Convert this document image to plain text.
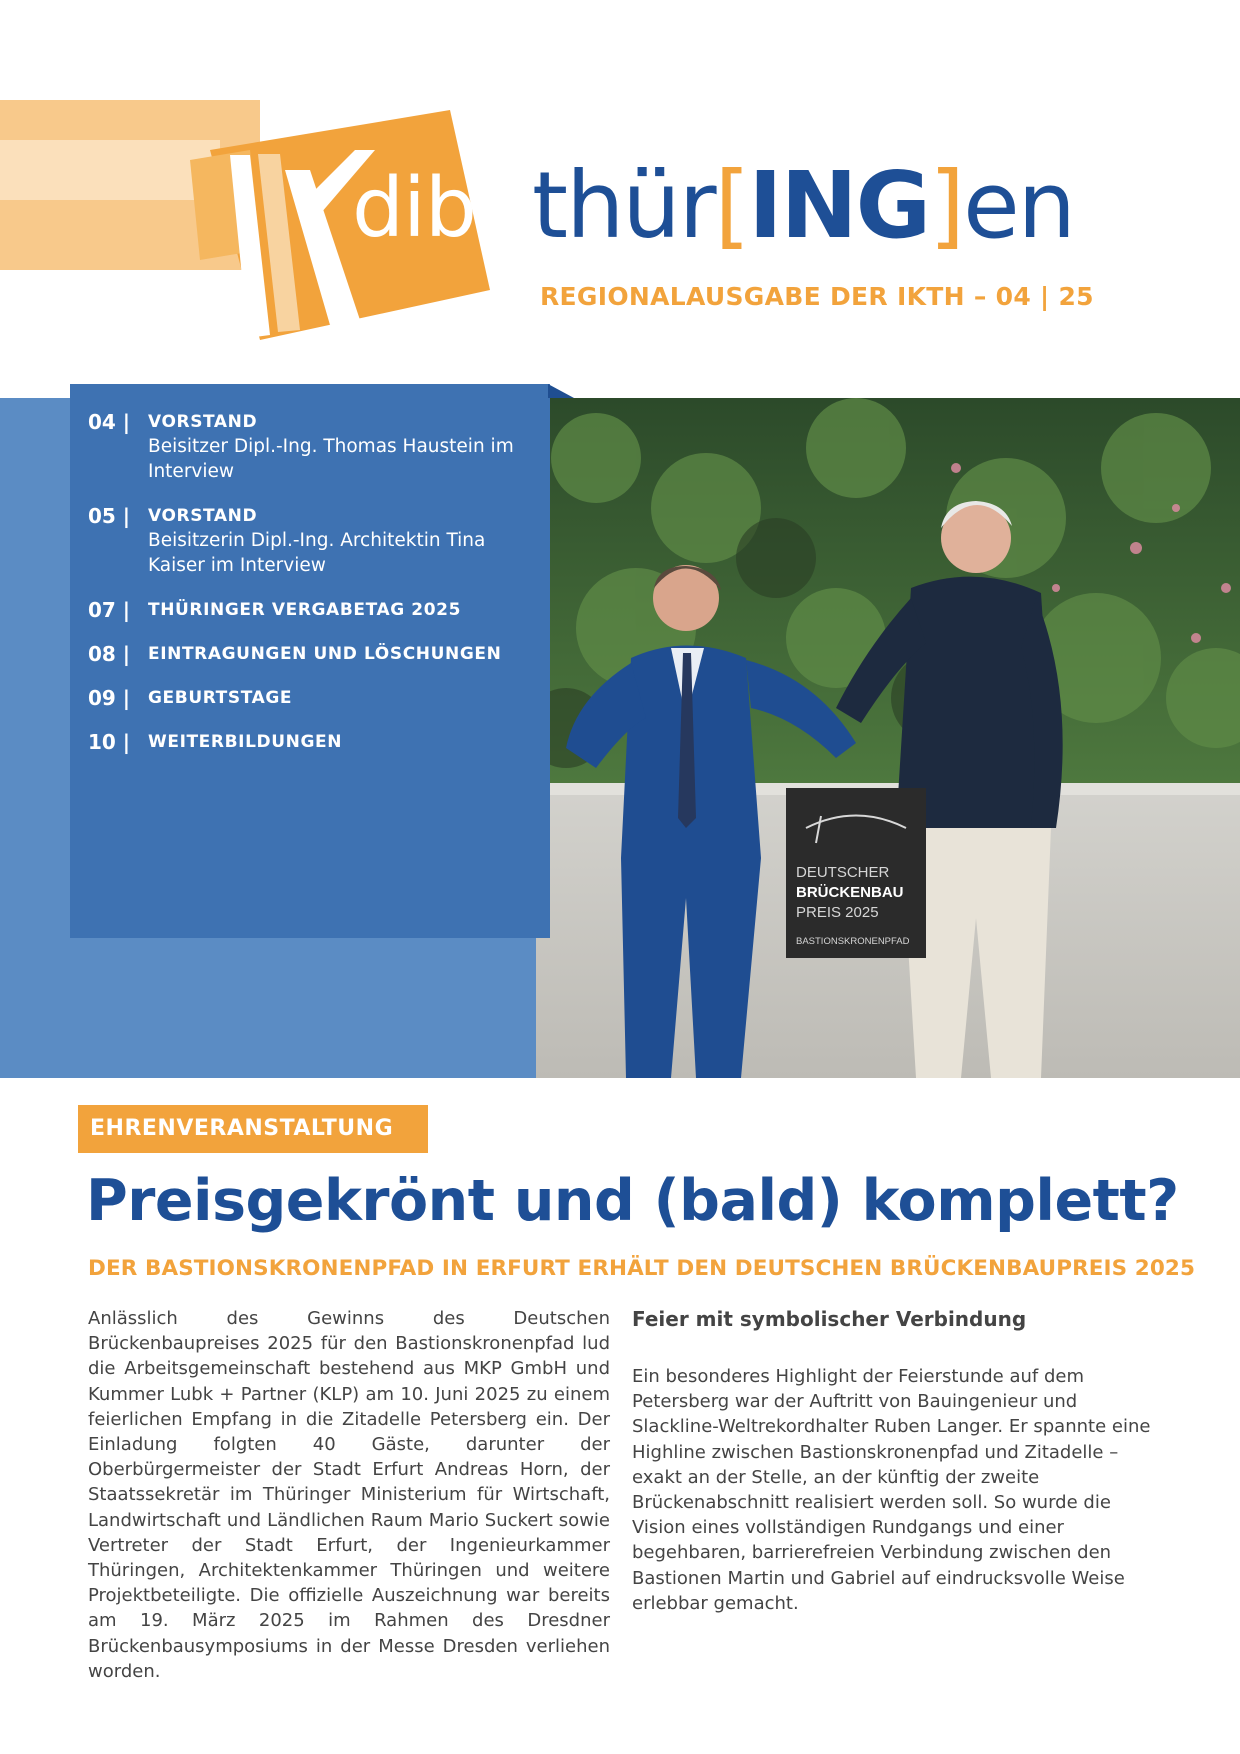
dib thür[ING]en
REGIONALAUSGABE DER IKTH – 04 | 25
DEUTSCHER
BRÜCKENBAU
PREIS 2025
BASTIONSKRONENPFAD
04 |	VORSTAND
Beisitzer Dipl.-Ing. Thomas Haustein im Interview
05 |	VORSTAND
Beisitzerin Dipl.-Ing. Architektin Tina Kaiser im Interview
07 |	THÜRINGER VERGABETAG 2025
08 |	EINTRAGUNGEN UND LÖSCHUNGEN
09 |	GEBURTSTAGE
10 |	WEITERBILDUNGEN
EHRENVERANSTALTUNG
Preisgekrönt und (bald) komplett?
DER BASTIONSKRONENPFAD IN ERFURT ERHÄLT DEN DEUTSCHEN BRÜCKENBAUPREIS 2025

Anlässlich des Gewinns des Deutschen Brückenbaupreises 2025 für den Bastionskronenpfad lud die Arbeitsgemeinschaft bestehend aus MKP GmbH und Kummer Lubk + Partner (KLP) am 10. Juni 2025 zu einem feierlichen Empfang in die Zitadelle Petersberg ein. Der Einladung folgten 40 Gäste, darunter der Oberbürgermeister der Stadt Erfurt Andreas Horn, der Staatssekretär im Thüringer Ministerium für Wirtschaft, Landwirtschaft und Ländlichen Raum Mario Suckert sowie Vertreter der Stadt Erfurt, der Ingenieurkammer Thüringen, Architektenkammer Thüringen und weitere Projektbeteiligte. Die offizielle Auszeichnung war bereits am 19. März 2025 im Rahmen des Dresdner Brückenbausymposiums in der Messe Dresden verliehen worden.

Feier mit symbolischer Verbindung

Ein besonderes Highlight der Feierstunde auf dem Petersberg war der Auftritt von Bauingenieur und Slackline-Weltrekordhalter Ruben Langer. Er spannte eine Highline zwischen Bastionskronenpfad und Zitadelle – exakt an der Stelle, an der künftig der zweite Brückenabschnitt realisiert werden soll. So wurde die Vision eines vollständigen Rundgangs und einer begehbaren, barrierefreien Verbindung zwischen den Bastionen Martin und Gabriel auf eindrucksvolle Weise erlebbar gemacht.
